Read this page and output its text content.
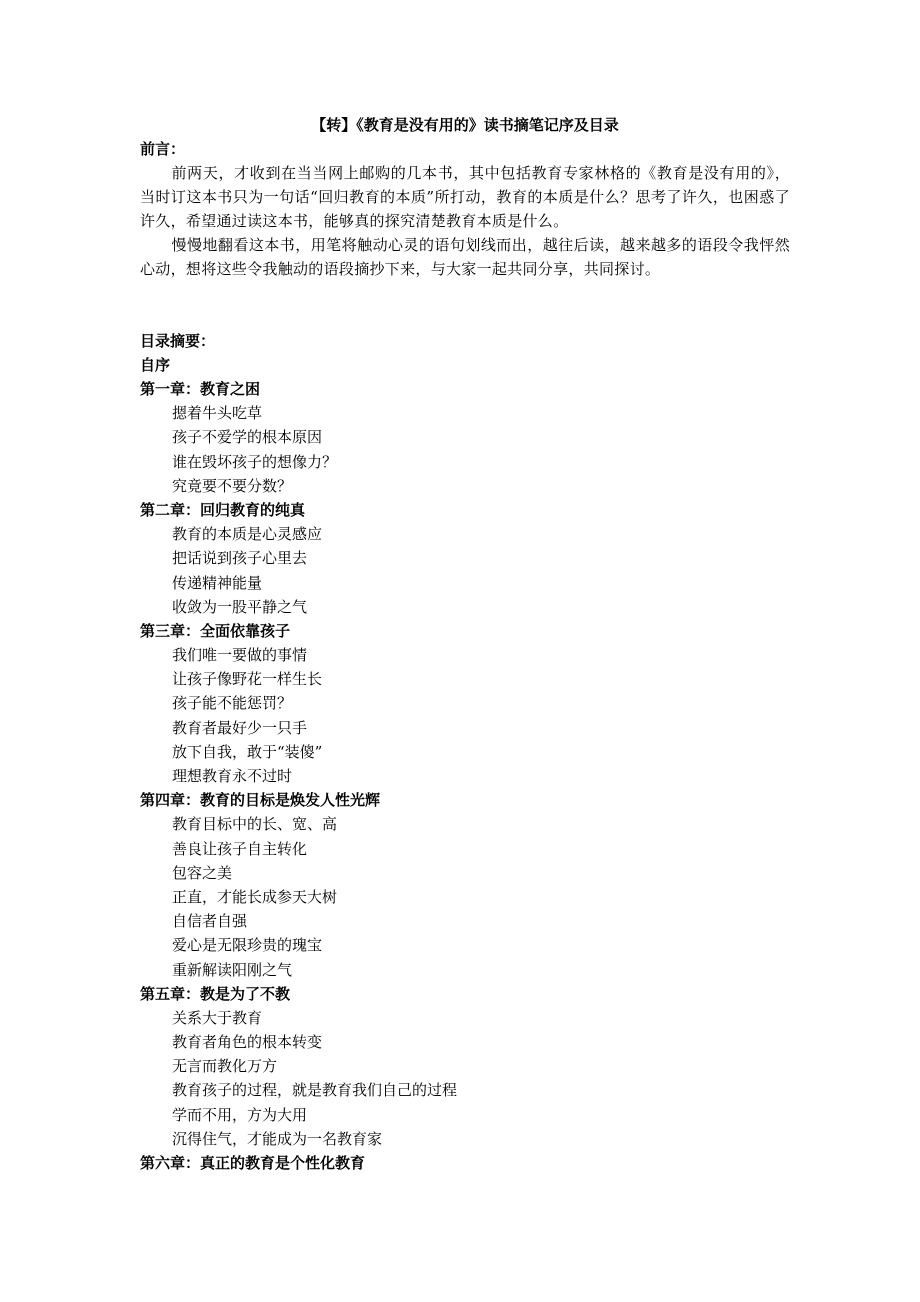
【转】《教育是没有用的》读书摘笔记序及目录
前言：
前两天，才收到在当当网上邮购的几本书，其中包括教育专家林格的《教育是没有用的》，当时订这本书只为一句话“回归教育的本质”所打动，教育的本质是什么？思考了许久，也困惑了许久，希望通过读这本书，能够真的探究清楚教育本质是什么。
慢慢地翻看这本书，用笔将触动心灵的语句划线而出，越往后读，越来越多的语段令我怦然心动，想将这些令我触动的语段摘抄下来，与大家一起共同分享，共同探讨。
目录摘要：
自序
第一章：教育之困
摁着牛头吃草
孩子不爱学的根本原因
谁在毁坏孩子的想像力？
究竟要不要分数？
第二章：回归教育的纯真
教育的本质是心灵感应
把话说到孩子心里去
传递精神能量
收敛为一股平静之气
第三章：全面依靠孩子
我们唯一要做的事情
让孩子像野花一样生长
孩子能不能惩罚？
教育者最好少一只手
放下自我，敢于“装傻”
理想教育永不过时
第四章：教育的目标是焕发人性光辉
教育目标中的长、宽、高
善良让孩子自主转化
包容之美
正直，才能长成参天大树
自信者自强
爱心是无限珍贵的瑰宝
重新解读阳刚之气
第五章：教是为了不教
关系大于教育
教育者角色的根本转变
无言而教化万方
教育孩子的过程，就是教育我们自己的过程
学而不用，方为大用
沉得住气，才能成为一名教育家
第六章：真正的教育是个性化教育
